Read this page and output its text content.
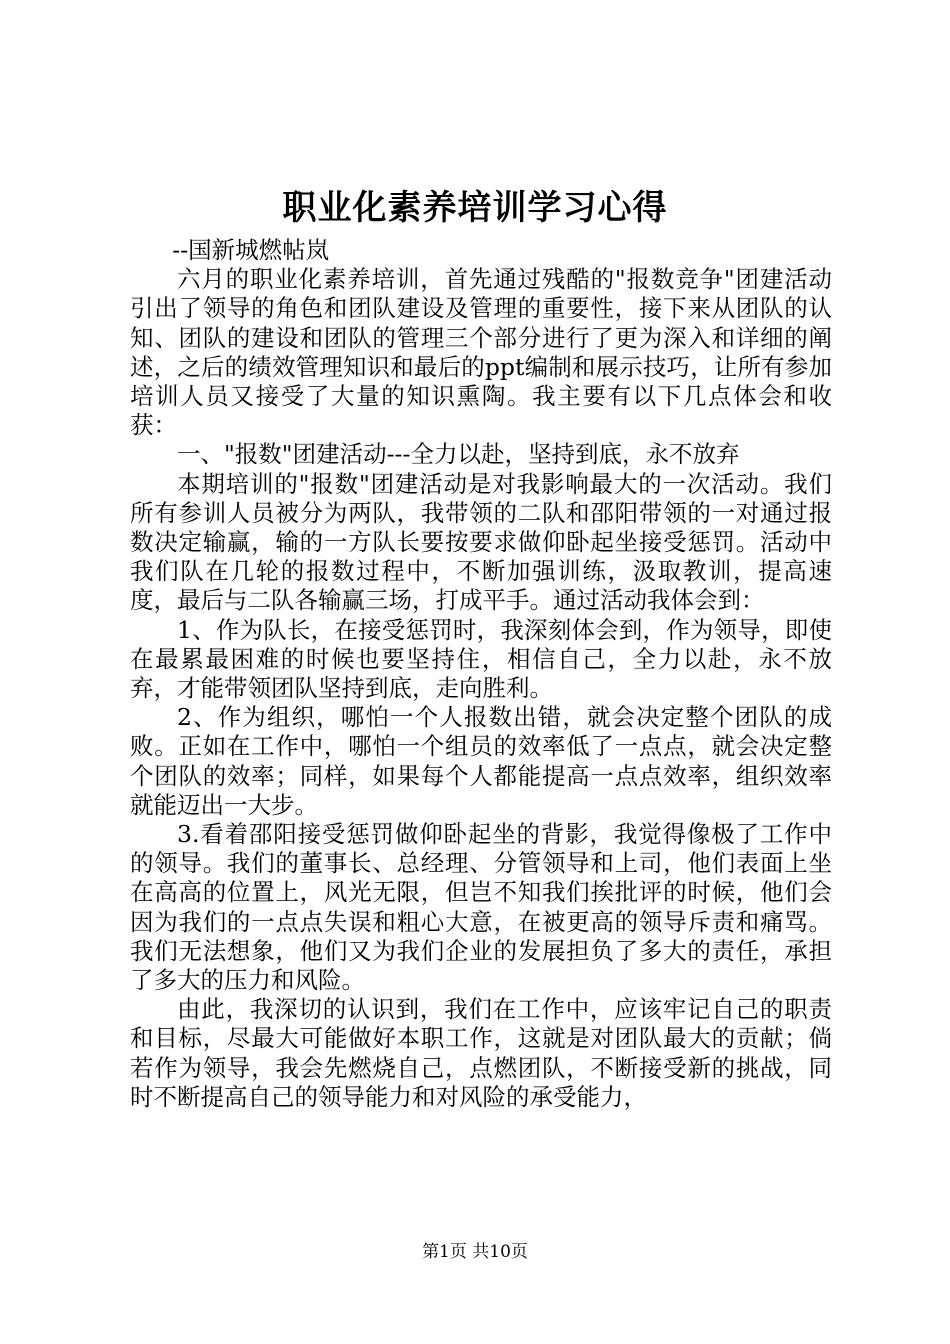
职业化素养培训学习心得

--国新城燃帖岚

六月的职业化素养培训，首先通过残酷的"报数竞争"团建活动引出了领导的角色和团队建设及管理的重要性，接下来从团队的认知、团队的建设和团队的管理三个部分进行了更为深入和详细的阐述，之后的绩效管理知识和最后的ppt编制和展示技巧，让所有参加培训人员又接受了大量的知识熏陶。我主要有以下几点体会和收获：

一、"报数"团建活动---全力以赴，坚持到底，永不放弃

本期培训的"报数"团建活动是对我影响最大的一次活动。我们所有参训人员被分为两队，我带领的二队和邵阳带领的一对通过报数决定输赢，输的一方队长要按要求做仰卧起坐接受惩罚。活动中我们队在几轮的报数过程中，不断加强训练，汲取教训，提高速度，最后与二队各输赢三场，打成平手。通过活动我体会到：

1、作为队长，在接受惩罚时，我深刻体会到，作为领导，即使在最累最困难的时候也要坚持住，相信自己，全力以赴，永不放弃，才能带领团队坚持到底，走向胜利。

2、作为组织，哪怕一个人报数出错，就会决定整个团队的成败。正如在工作中，哪怕一个组员的效率低了一点点，就会决定整个团队的效率；同样，如果每个人都能提高一点点效率，组织效率就能迈出一大步。

3.看着邵阳接受惩罚做仰卧起坐的背影，我觉得像极了工作中的领导。我们的董事长、总经理、分管领导和上司，他们表面上坐在高高的位置上，风光无限，但岂不知我们挨批评的时候，他们会因为我们的一点点失误和粗心大意，在被更高的领导斥责和痛骂。我们无法想象，他们又为我们企业的发展担负了多大的责任，承担了多大的压力和风险。

由此，我深切的认识到，我们在工作中，应该牢记自己的职责和目标，尽最大可能做好本职工作，这就是对团队最大的贡献；倘若作为领导，我会先燃烧自己，点燃团队，不断接受新的挑战，同时不断提高自己的领导能力和对风险的承受能力，

第1页 共10页
